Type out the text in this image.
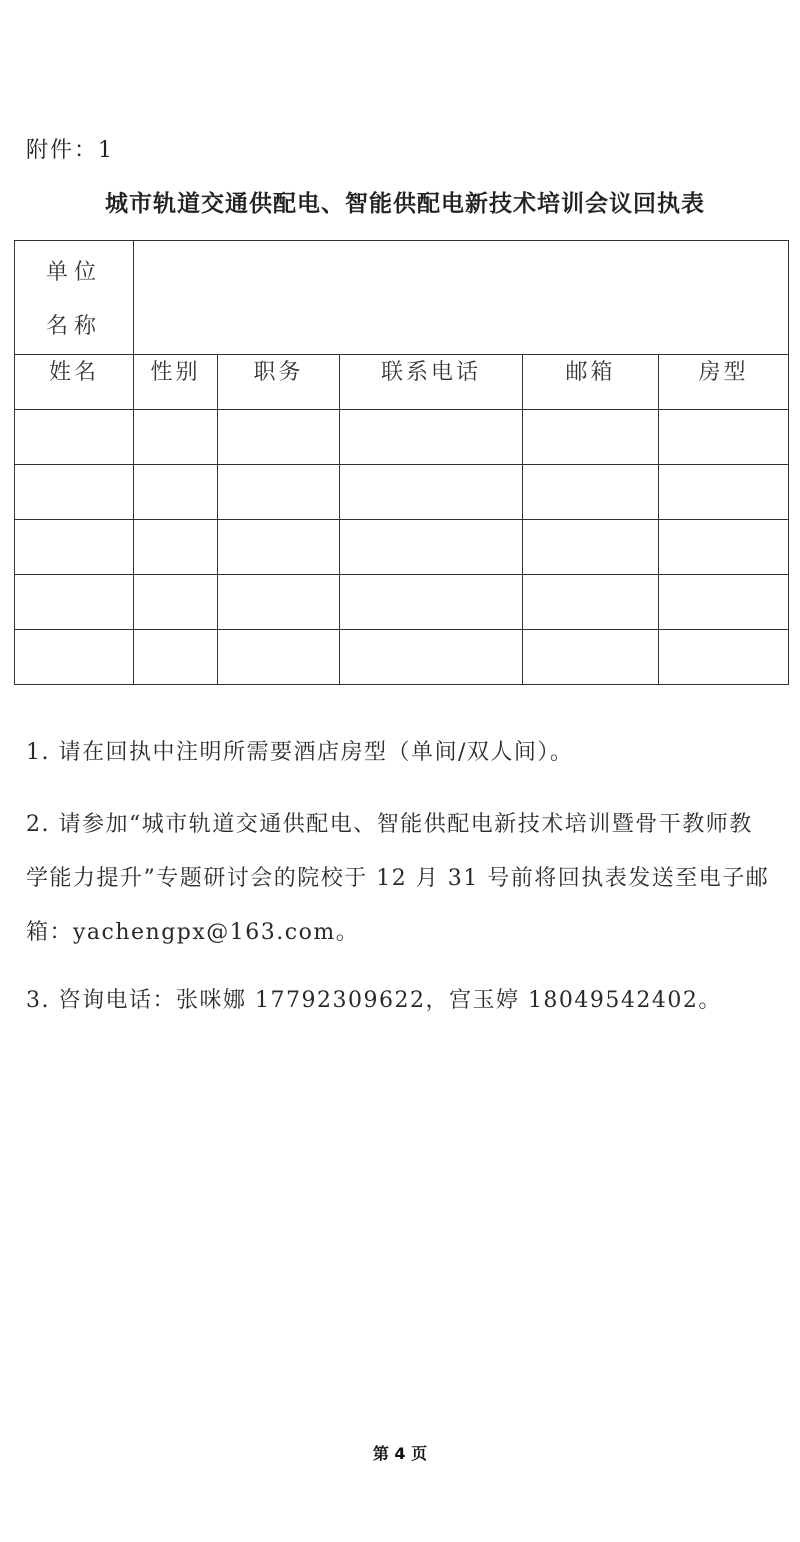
附件：1
城市轨道交通供配电、智能供配电新技术培训会议回执表
单位
名称					

姓名	性别	职务	联系电话	邮箱	房型

1. 请在回执中注明所需要酒店房型（单间/双人间）。
2. 请参加“城市轨道交通供配电、智能供配电新技术培训暨骨干教师教学能力提升”专题研讨会的院校于 12 月 31 号前将回执表发送至电子邮箱：yachengpx@163.com。
3. 咨询电话：张咪娜 17792309622，宫玉婷 18049542402。
第 4 页
